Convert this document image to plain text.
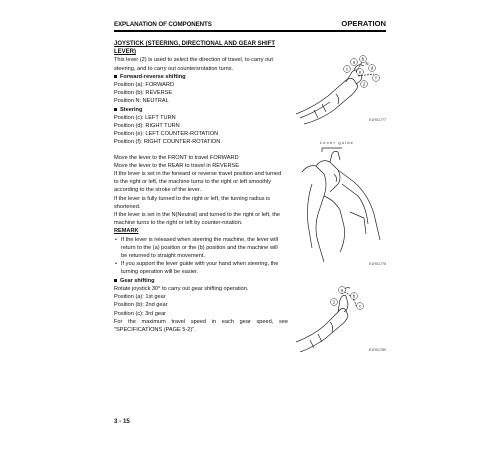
EXPLANATION OF COMPONENTS	OPERATION

JOYSTICK (STEERING, DIRECTIONAL AND GEAR SHIFT LEVER)

This lever (2) is used to select the direction of travel, to carry out

steering, and to carry out countersrotation turns.

Forward-reverse shifting

Position (a): FORWARD

Position (b): REVERSE

Position N: NEUTRAL

Steering

Position (c): LEFT TURN

Position (d): RIGHT TURN

Position (e): LEFT COUNTER-ROTATION

Position (f): RIGHT COUNTER-ROTATION

Move the lever to the FRONT to travel FORWARD

Move the lever to the REAR to travel in REVERSE

If the lever is set in the forward or reverse travel position and turned

to the right or left, the machine turns to the right or left smoothly

according to the stroke of the lever.

If the lever is fully turned to the right or left, the turning radius is

shortened.

If the lever is set in the N(Neutral) and turned to the right or left, the

machine turns to the right or left by counter-rotation.

REMARK

• If the lever is released when steering the machine, the lever will
return to the (a) position or the (b) position and the machine will
be returned to straight movement.
• If you support the lever guide with your hand when steering, the
turning operation will be easier.

Gear shifting

Rotate joystick 30° to carry out gear shifting operation.

Position (a): 1st gear

Position (b): 2nd gear

Position (c): 3rd gear

For the maximum travel speed in each gear speed, see

"SPECIFICATIONS (PAGE 5-2)".

a
b
c	d
e
f
N
2
E1R01777
Lever guide
E1R01778
a
b
c
2
E1R01780
3 - 15
